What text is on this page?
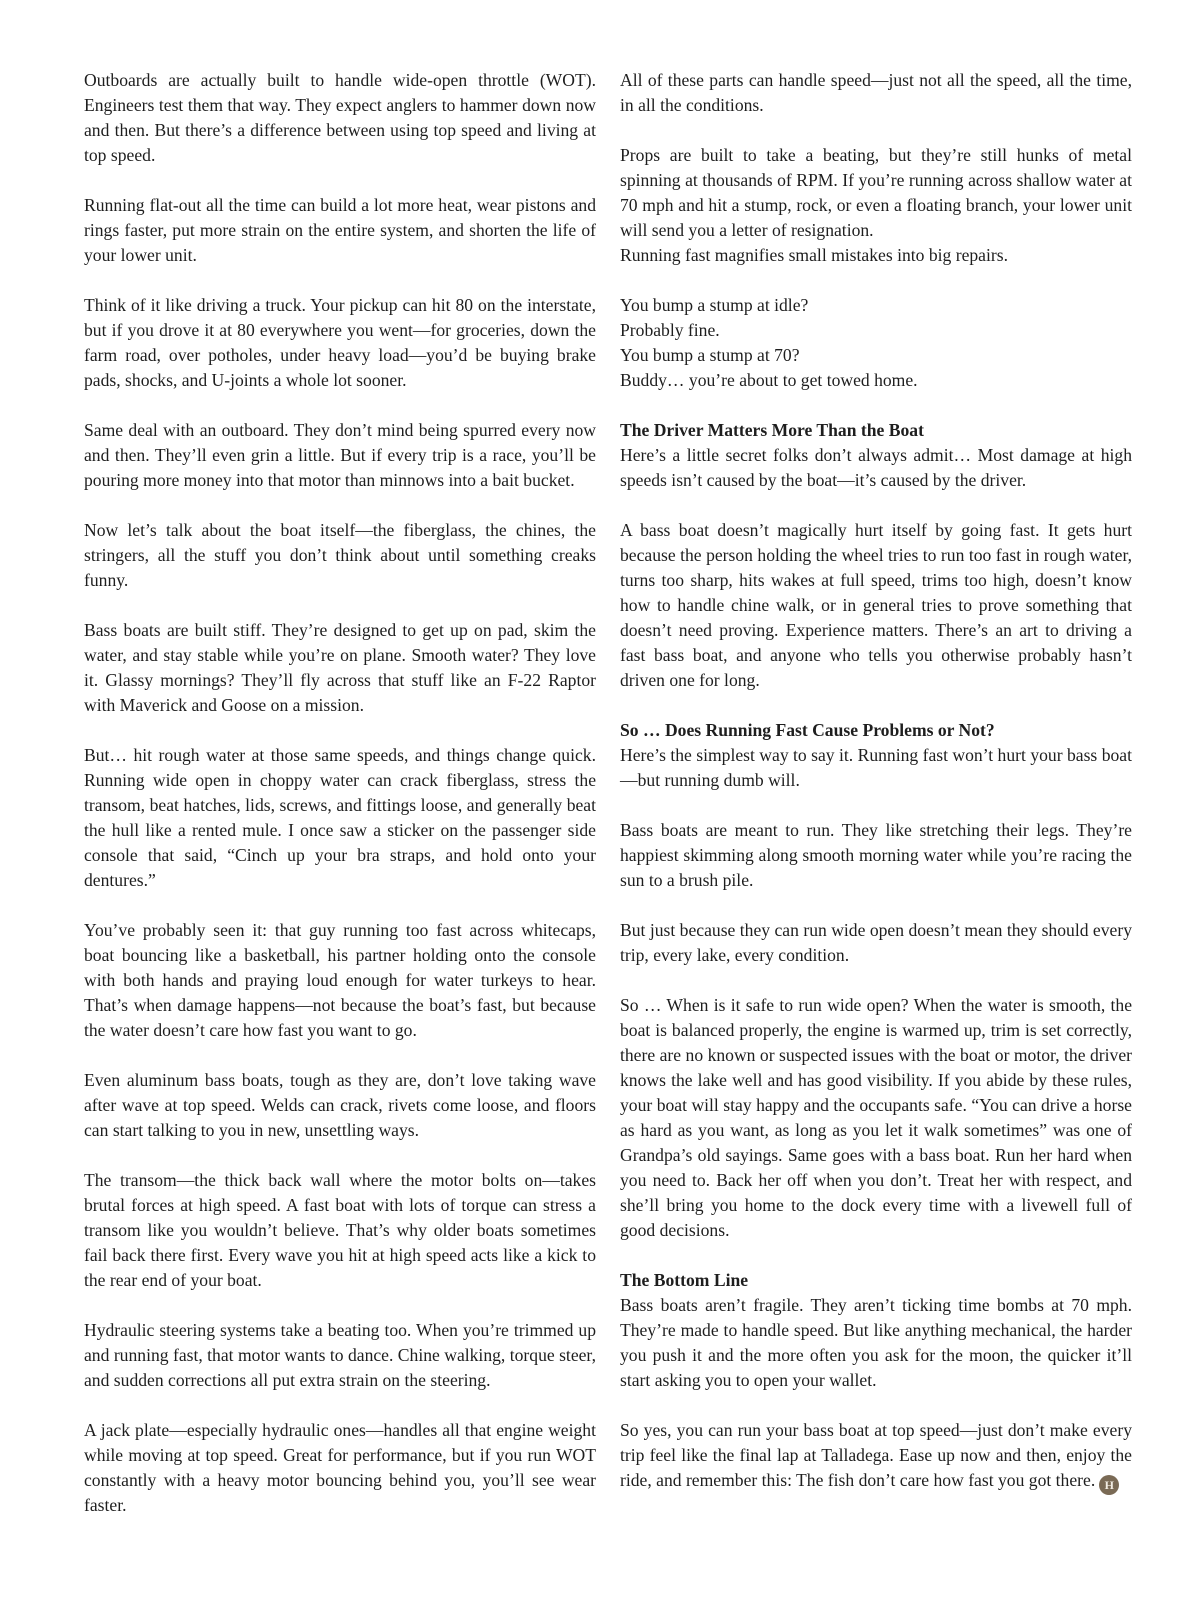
Outboards are actually built to handle wide-open throttle (WOT). Engineers test them that way. They expect anglers to hammer down now and then. But there’s a difference between using top speed and living at top speed.

Running flat-out all the time can build a lot more heat, wear pistons and rings faster, put more strain on the entire system, and shorten the life of your lower unit.

Think of it like driving a truck. Your pickup can hit 80 on the interstate, but if you drove it at 80 everywhere you went—for groceries, down the farm road, over potholes, under heavy load—you’d be buying brake pads, shocks, and U-joints a whole lot sooner.

Same deal with an outboard. They don’t mind being spurred every now and then. They’ll even grin a little. But if every trip is a race, you’ll be pouring more money into that motor than minnows into a bait bucket.

Now let’s talk about the boat itself—the fiberglass, the chines, the stringers, all the stuff you don’t think about until something creaks funny.

Bass boats are built stiff. They’re designed to get up on pad, skim the water, and stay stable while you’re on plane. Smooth water? They love it. Glassy mornings? They’ll fly across that stuff like an F-22 Raptor with Maverick and Goose on a mission.

But… hit rough water at those same speeds, and things change quick. Running wide open in choppy water can crack fiberglass, stress the transom, beat hatches, lids, screws, and fittings loose, and generally beat the hull like a rented mule. I once saw a sticker on the passenger side console that said, “Cinch up your bra straps, and hold onto your dentures.”

You’ve probably seen it: that guy running too fast across whitecaps, boat bouncing like a basketball, his partner holding onto the console with both hands and praying loud enough for water turkeys to hear. That’s when damage happens—not because the boat’s fast, but because the water doesn’t care how fast you want to go.

Even aluminum bass boats, tough as they are, don’t love taking wave after wave at top speed. Welds can crack, rivets come loose, and floors can start talking to you in new, unsettling ways.

The transom—the thick back wall where the motor bolts on—takes brutal forces at high speed. A fast boat with lots of torque can stress a transom like you wouldn’t believe. That’s why older boats sometimes fail back there first. Every wave you hit at high speed acts like a kick to the rear end of your boat.

Hydraulic steering systems take a beating too. When you’re trimmed up and running fast, that motor wants to dance. Chine walking, torque steer, and sudden corrections all put extra strain on the steering.

A jack plate—especially hydraulic ones—handles all that engine weight while moving at top speed. Great for performance, but if you run WOT constantly with a heavy motor bouncing behind you, you’ll see wear faster.

All of these parts can handle speed—just not all the speed, all the time, in all the conditions.

Props are built to take a beating, but they’re still hunks of metal spinning at thousands of RPM. If you’re running across shallow water at 70 mph and hit a stump, rock, or even a floating branch, your lower unit will send you a letter of resignation.

Running fast magnifies small mistakes into big repairs.

You bump a stump at idle?

Probably fine.

You bump a stump at 70?

Buddy… you’re about to get towed home.

The Driver Matters More Than the Boat

Here’s a little secret folks don’t always admit… Most damage at high speeds isn’t caused by the boat—it’s caused by the driver.

A bass boat doesn’t magically hurt itself by going fast. It gets hurt because the person holding the wheel tries to run too fast in rough water, turns too sharp, hits wakes at full speed, trims too high, doesn’t know how to handle chine walk, or in general tries to prove something that doesn’t need proving. Experience matters. There’s an art to driving a fast bass boat, and anyone who tells you otherwise probably hasn’t driven one for long.

So … Does Running Fast Cause Problems or Not?

Here’s the simplest way to say it. Running fast won’t hurt your bass boat—but running dumb will.

Bass boats are meant to run. They like stretching their legs. They’re happiest skimming along smooth morning water while you’re racing the sun to a brush pile.

But just because they can run wide open doesn’t mean they should every trip, every lake, every condition.

So … When is it safe to run wide open? When the water is smooth, the boat is balanced properly, the engine is warmed up, trim is set correctly, there are no known or suspected issues with the boat or motor, the driver knows the lake well and has good visibility. If you abide by these rules, your boat will stay happy and the occupants safe. “You can drive a horse as hard as you want, as long as you let it walk sometimes” was one of Grandpa’s old sayings. Same goes with a bass boat. Run her hard when you need to. Back her off when you don’t. Treat her with respect, and she’ll bring you home to the dock every time with a livewell full of good decisions.

The Bottom Line

Bass boats aren’t fragile. They aren’t ticking time bombs at 70 mph. They’re made to handle speed. But like anything mechanical, the harder you push it and the more often you ask for the moon, the quicker it’ll start asking you to open your wallet.

So yes, you can run your bass boat at top speed—just don’t make every trip feel like the final lap at Talladega. Ease up now and then, enjoy the ride, and remember this: The fish don’t care how fast you got there. H
